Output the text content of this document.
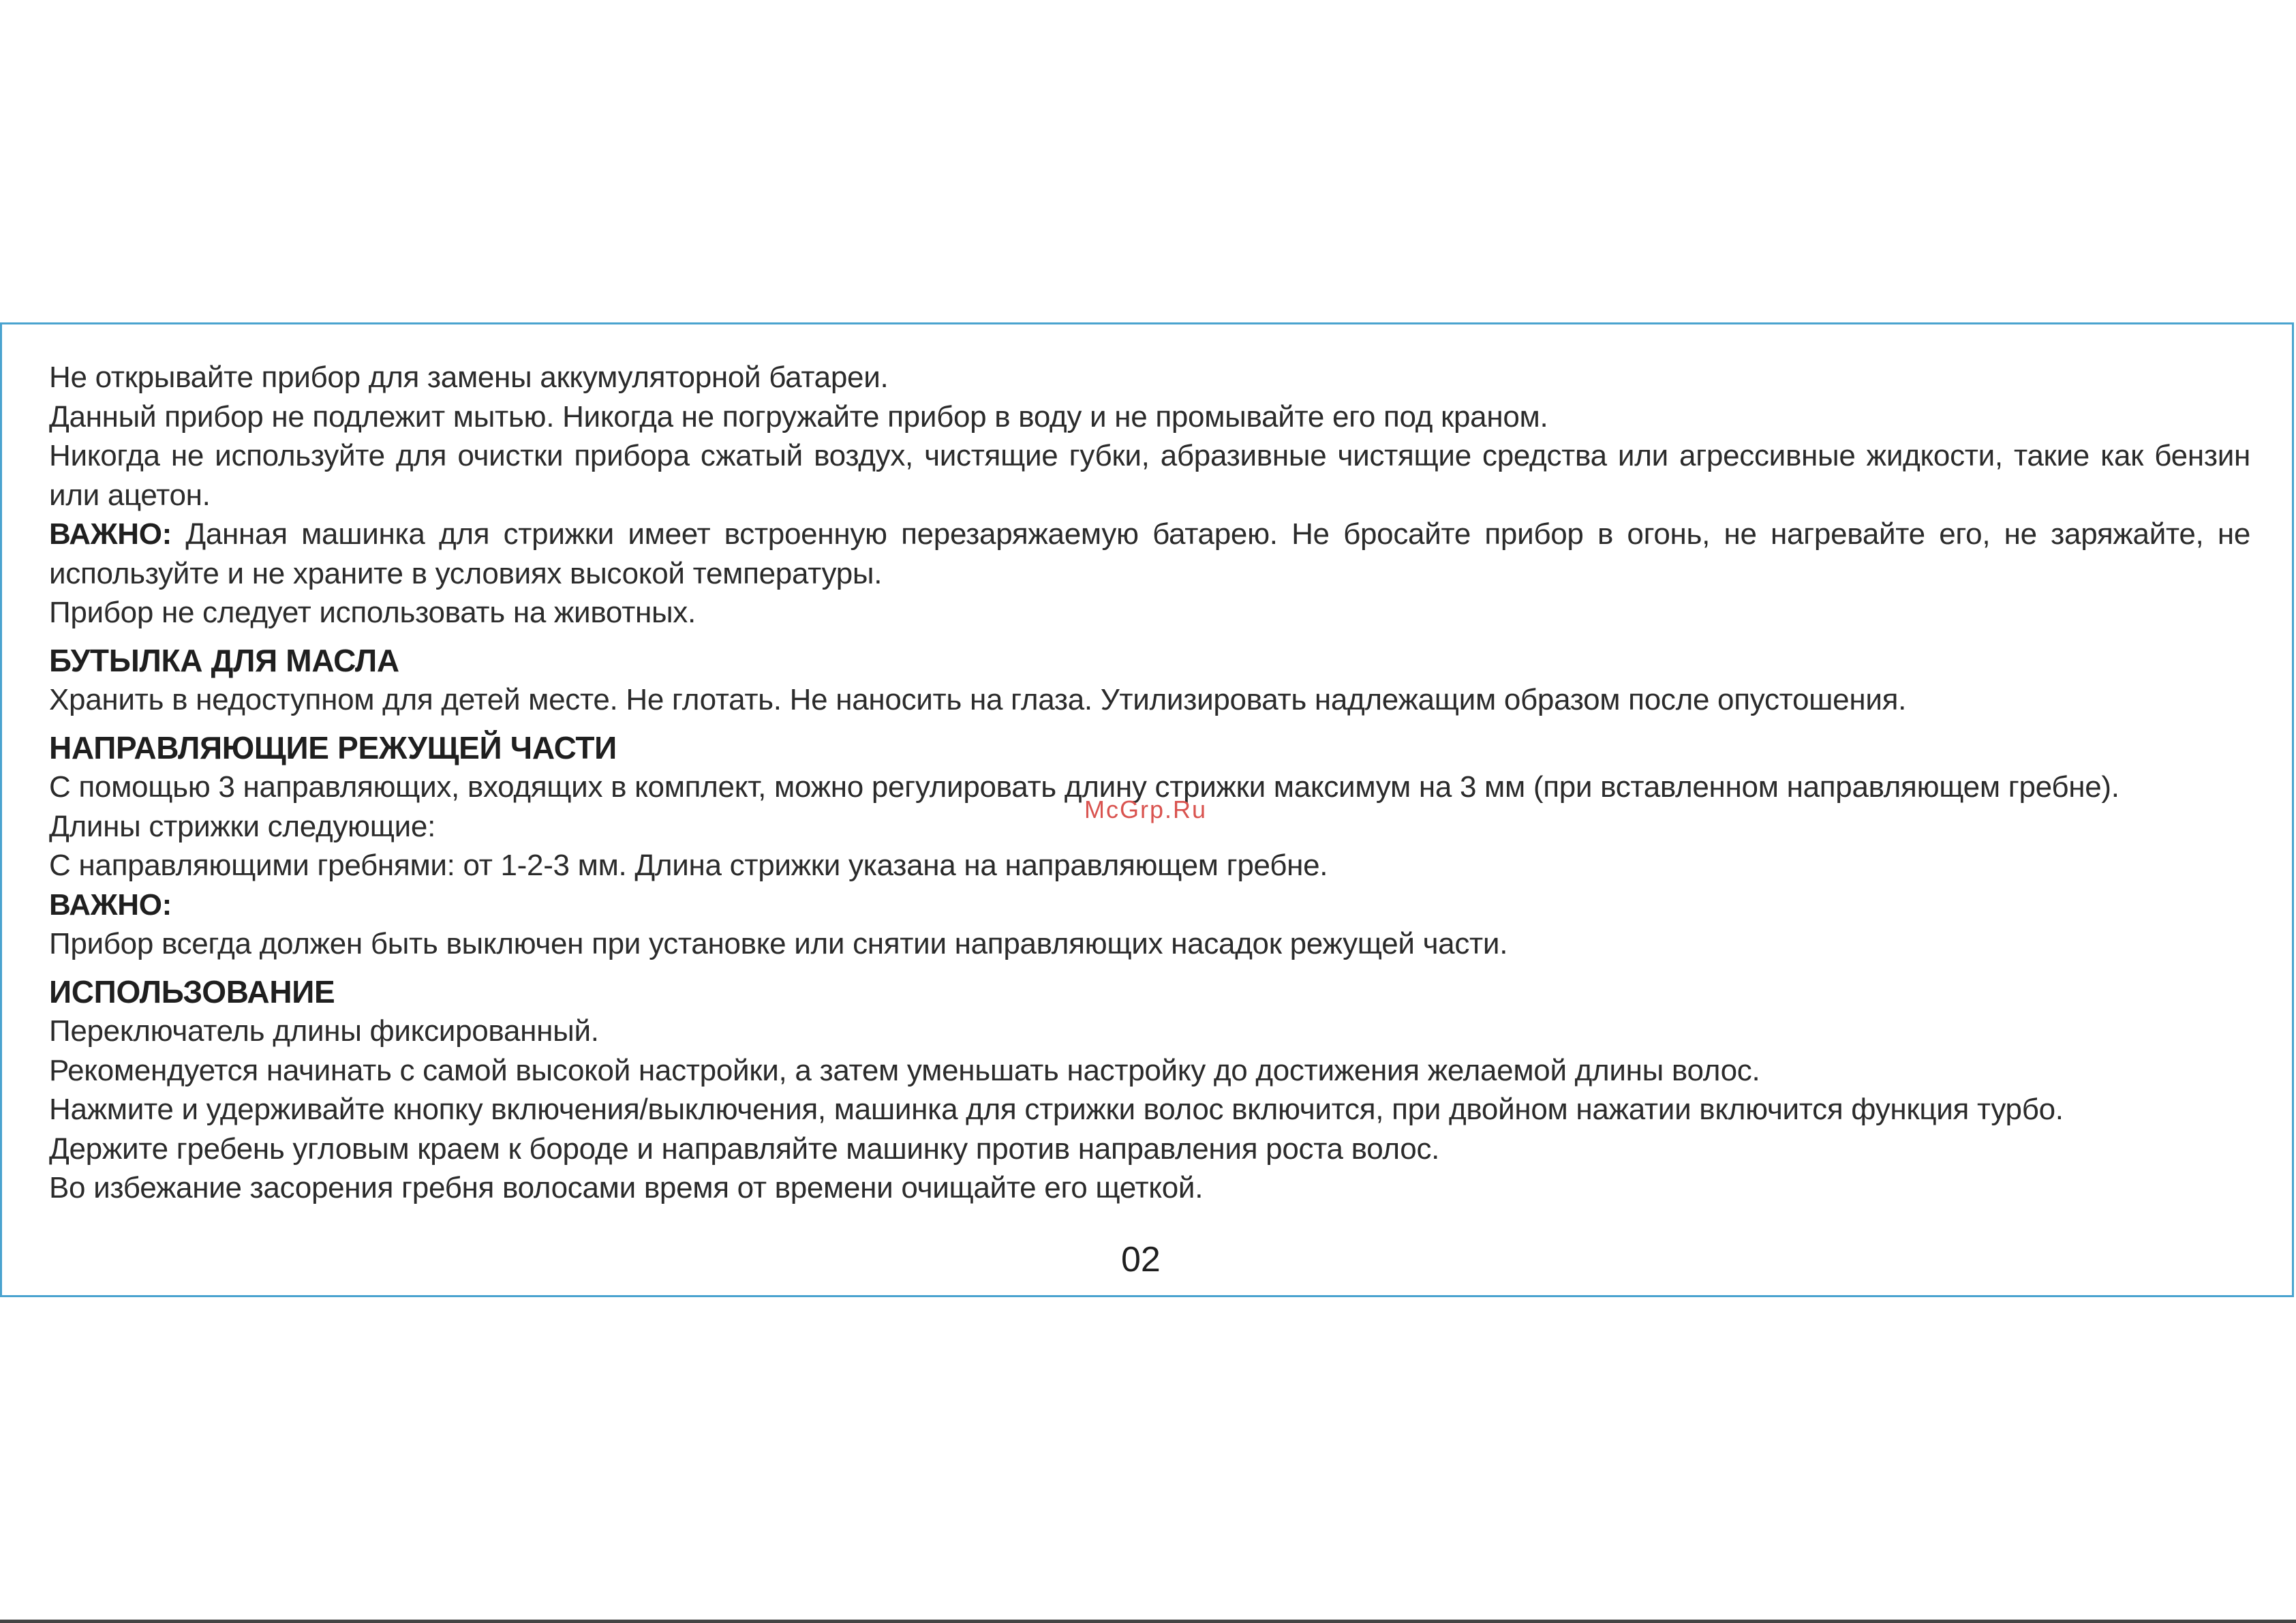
Не открывайте прибор для замены аккумуляторной батареи.

Данный прибор не подлежит мытью. Никогда не погружайте прибор в воду и не промывайте его под краном.

Никогда не используйте для очистки прибора сжатый воздух, чистящие губки, абразивные чистящие средства или агрессивные жидкости, такие как бензин или ацетон.

ВАЖНО: Данная машинка для стрижки имеет встроенную перезаряжаемую батарею. Не бросайте прибор в огонь, не нагревайте его, не заряжайте, не используйте и не храните в условиях высокой температуры.

Прибор не следует использовать на животных.

БУТЫЛКА ДЛЯ МАСЛА

Хранить в недоступном для детей месте. Не глотать. Не наносить на глаза. Утилизировать надлежащим образом после опустошения.

НАПРАВЛЯЮЩИЕ РЕЖУЩЕЙ ЧАСТИ

С помощью 3 направляющих, входящих в комплект, можно регулировать длину стрижки максимум на 3 мм (при вставленном направляющем гребне).

Длины стрижки следующие:

С направляющими гребнями: от 1-2-3 мм. Длина стрижки указана на направляющем гребне.

ВАЖНО:

Прибор всегда должен быть выключен при установке или снятии направляющих насадок режущей части.

ИСПОЛЬЗОВАНИЕ

Переключатель длины фиксированный.

Рекомендуется начинать с самой высокой настройки, а затем уменьшать настройку до достижения желаемой длины волос.

Нажмите и удерживайте кнопку включения/выключения, машинка для стрижки волос включится, при двойном нажатии включится функция турбо.

Держите гребень угловым краем к бороде и направляйте машинку против направления роста волос.

Во избежание засорения гребня волосами время от времени очищайте его щеткой.

McGrp.Ru
02
